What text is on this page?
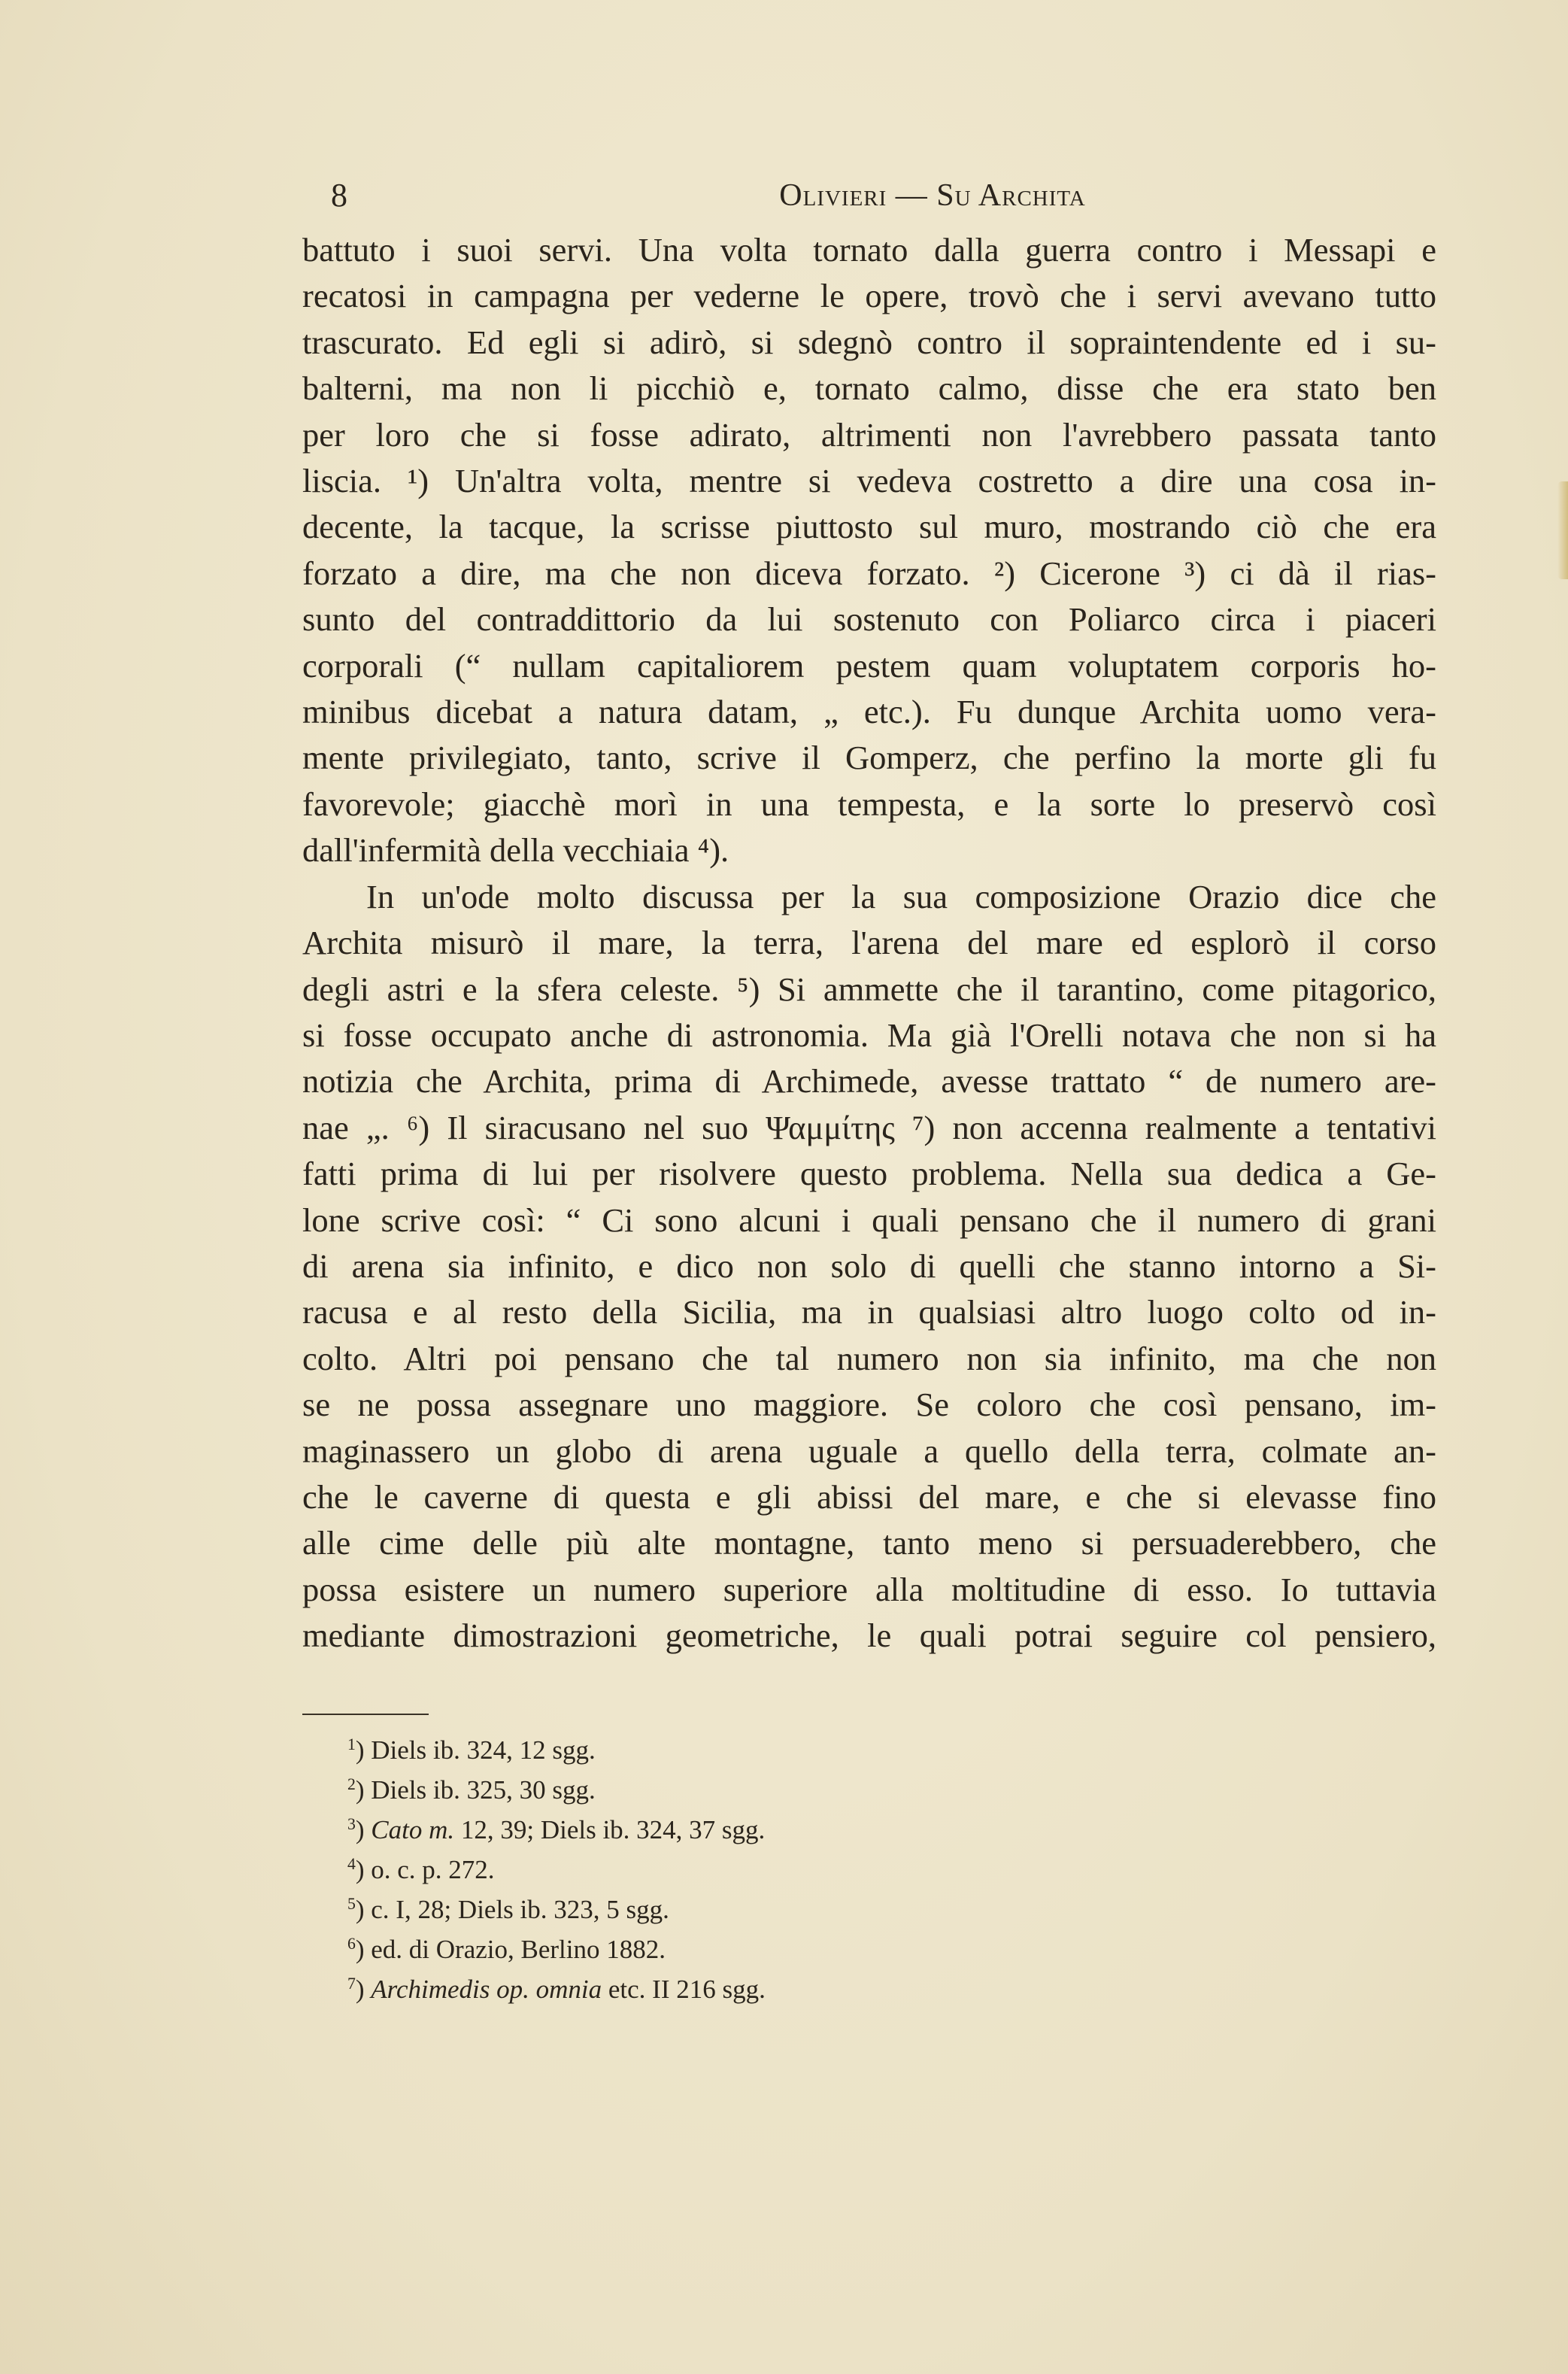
8	Olivieri — Su Archita
battuto i suoi servi. Una volta tornato dalla guerra contro i Messapi e
recatosi in campagna per vederne le opere, trovò che i servi avevano tutto
trascurato. Ed egli si adirò, si sdegnò contro il sopraintendente ed i su-
balterni, ma non li picchiò e, tornato calmo, disse che era stato ben
per loro che si fosse adirato, altrimenti non l'avrebbero passata tanto
liscia. ¹) Un'altra volta, mentre si vedeva costretto a dire una cosa in-
decente, la tacque, la scrisse piuttosto sul muro, mostrando ciò che era
forzato a dire, ma che non diceva forzato. ²) Cicerone ³) ci dà il rias-
sunto del contraddittorio da lui sostenuto con Poliarco circa i piaceri
corporali (“ nullam capitaliorem pestem quam voluptatem corporis ho-
minibus dicebat a natura datam, „ etc.). Fu dunque Archita uomo vera-
mente privilegiato, tanto, scrive il Gomperz, che perfino la morte gli fu
favorevole; giacchè morì in una tempesta, e la sorte lo preservò così
dall'infermità della vecchiaia ⁴).
In un'ode molto discussa per la sua composizione Orazio dice che
Archita misurò il mare, la terra, l'arena del mare ed esplorò il corso
degli astri e la sfera celeste. ⁵) Si ammette che il tarantino, come pitagorico,
si fosse occupato anche di astronomia. Ma già l'Orelli notava che non si ha
notizia che Archita, prima di Archimede, avesse trattato “ de numero are-
nae „. ⁶) Il siracusano nel suo Ψαμμίτης ⁷) non accenna realmente a tentativi
fatti prima di lui per risolvere questo problema. Nella sua dedica a Ge-
lone scrive così: “ Ci sono alcuni i quali pensano che il numero di grani
di arena sia infinito, e dico non solo di quelli che stanno intorno a Si-
racusa e al resto della Sicilia, ma in qualsiasi altro luogo colto od in-
colto. Altri poi pensano che tal numero non sia infinito, ma che non
se ne possa assegnare uno maggiore. Se coloro che così pensano, im-
maginassero un globo di arena uguale a quello della terra, colmate an-
che le caverne di questa e gli abissi del mare, e che si elevasse fino
alle cime delle più alte montagne, tanto meno si persuaderebbero, che
possa esistere un numero superiore alla moltitudine di esso. Io tuttavia
mediante dimostrazioni geometriche, le quali potrai seguire col pensiero,
$^1$) Diels ib. 324, 12 sgg.
$^2$) Diels ib. 325, 30 sgg.
$^3$) Cato m. 12, 39; Diels ib. 324, 37 sgg.
$^4$) o. c. p. 272.
$^5$) c. I, 28; Diels ib. 323, 5 sgg.
$^6$) ed. di Orazio, Berlino 1882.
$^7$) Archimedis op. omnia etc. II 216 sgg.
